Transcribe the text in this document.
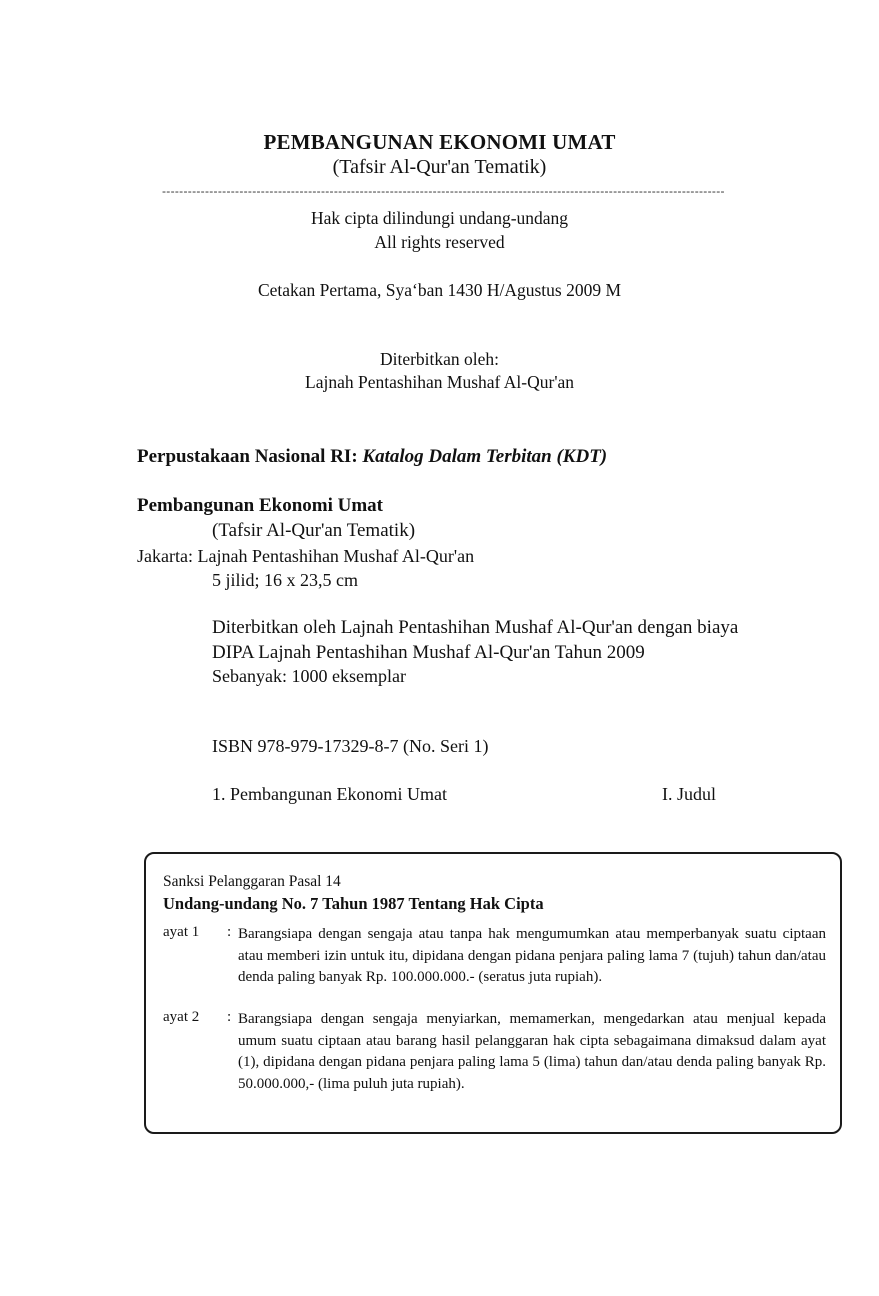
PEMBANGUNAN EKONOMI UMAT
(Tafsir Al-Qur'an Tematik)
-----------------------------------------------------------------------------------------------------------------------------------
Hak cipta dilindungi undang-undang
All rights reserved
Cetakan Pertama, Sya‘ban 1430 H/Agustus 2009 M
Diterbitkan oleh:
Lajnah Pentashihan Mushaf Al-Qur'an
Perpustakaan Nasional RI: Katalog Dalam Terbitan (KDT)
Pembangunan Ekonomi Umat
(Tafsir Al-Qur'an Tematik)
Jakarta: Lajnah Pentashihan Mushaf Al-Qur'an
5 jilid; 16 x 23,5 cm
Diterbitkan oleh Lajnah Pentashihan Mushaf Al-Qur'an dengan biaya
DIPA Lajnah Pentashihan Mushaf Al-Qur'an Tahun 2009
Sebanyak: 1000 eksemplar
ISBN 978-979-17329-8-7 (No. Seri 1)
1. Pembangunan Ekonomi Umat	I. Judul
Sanksi Pelanggaran Pasal 14
Undang-undang No. 7 Tahun 1987 Tentang Hak Cipta
ayat 1 : Barangsiapa dengan sengaja atau tanpa hak mengumumkan atau memperbanyak suatu ciptaan atau memberi izin untuk itu, dipidana dengan pidana penjara paling lama 7 (tujuh) tahun dan/atau denda paling banyak Rp. 100.000.000.- (seratus juta rupiah).
ayat 2 : Barangsiapa dengan sengaja menyiarkan, memamerkan, mengedarkan atau menjual kepada umum suatu ciptaan atau barang hasil pelanggaran hak cipta sebagaimana dimaksud dalam ayat (1), dipidana dengan pidana penjara paling lama 5 (lima) tahun dan/atau denda paling banyak Rp. 50.000.000,- (lima puluh juta rupiah).
